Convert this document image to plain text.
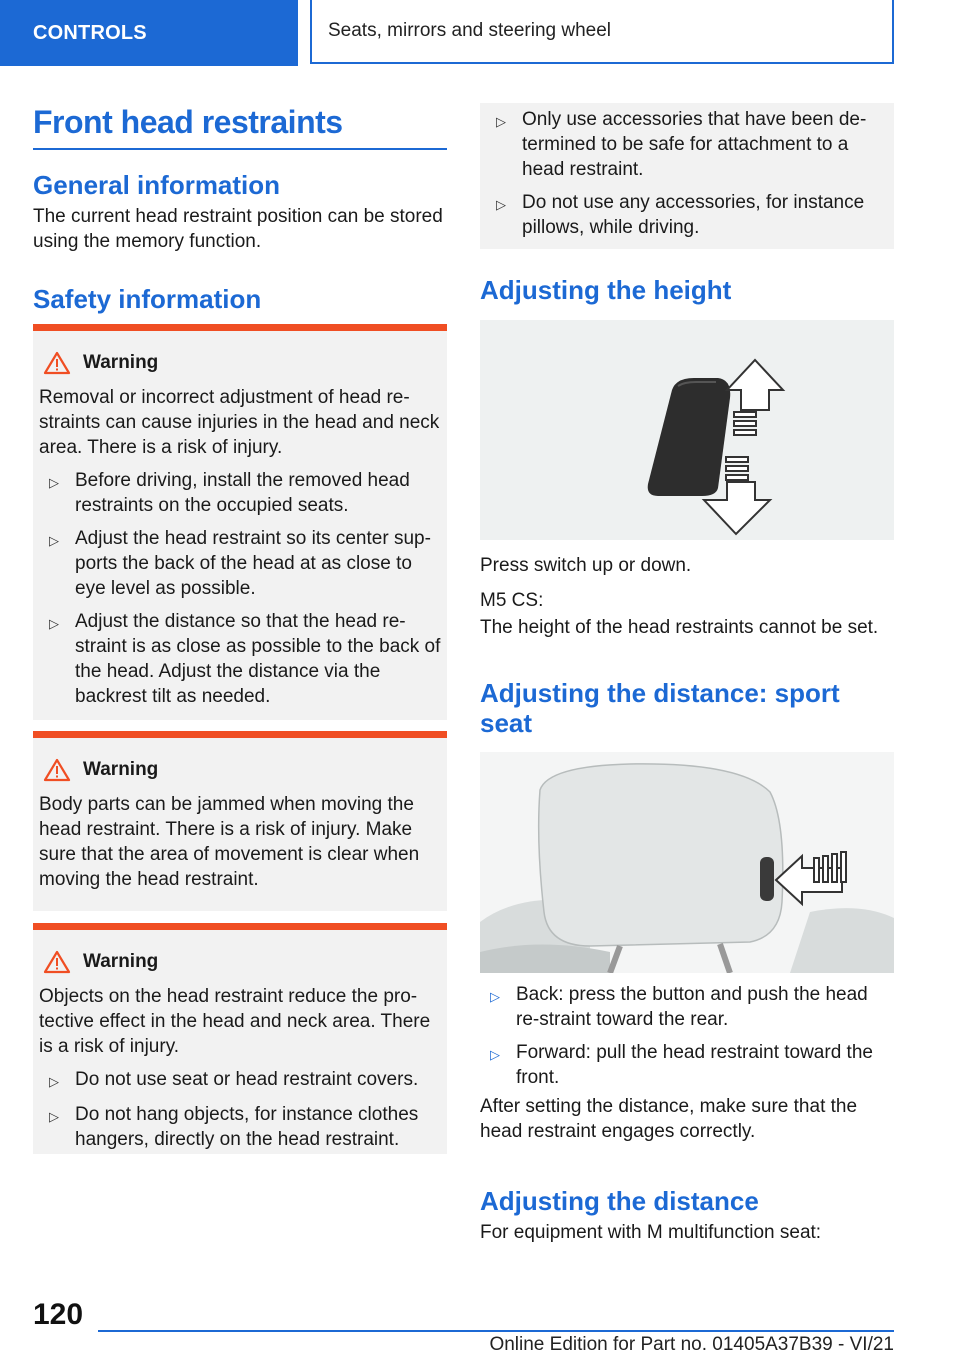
CONTROLS	Seats, mirrors and steering wheel
Front head restraints

General information

The current head restraint position can be stored using the memory function.

Safety information

Warning

Removal or incorrect adjustment of head re-straints can cause injuries in the head and neck area. There is a risk of injury.

▷ Before driving, install the removed head restraints on the occupied seats.
▷ Adjust the head restraint so its center sup-ports the back of the head at as close to eye level as possible.
▷ Adjust the distance so that the head re-straint is as close as possible to the back of the head. Adjust the distance via the backrest tilt as needed.
Warning

Body parts can be jammed when moving the head restraint. There is a risk of injury. Make sure that the area of movement is clear when moving the head restraint.

Warning

Objects on the head restraint reduce the pro-tective effect in the head and neck area. There is a risk of injury.

▷ Do not use seat or head restraint covers.
▷ Do not hang objects, for instance clothes hangers, directly on the head restraint.
▷ Only use accessories that have been de-termined to be safe for attachment to a head restraint.
▷ Do not use any accessories, for instance pillows, while driving.

Adjusting the height

Press switch up or down.

M5 CS:

The height of the head restraints cannot be set.

Adjusting the distance: sport seat

▷ Back: press the button and push the head re-straint toward the rear.
▷ Forward: pull the head restraint toward the front.

After setting the distance, make sure that the head restraint engages correctly.

Adjusting the distance

For equipment with M multifunction seat:

120
Online Edition for Part no. 01405A37B39 - VI/21
